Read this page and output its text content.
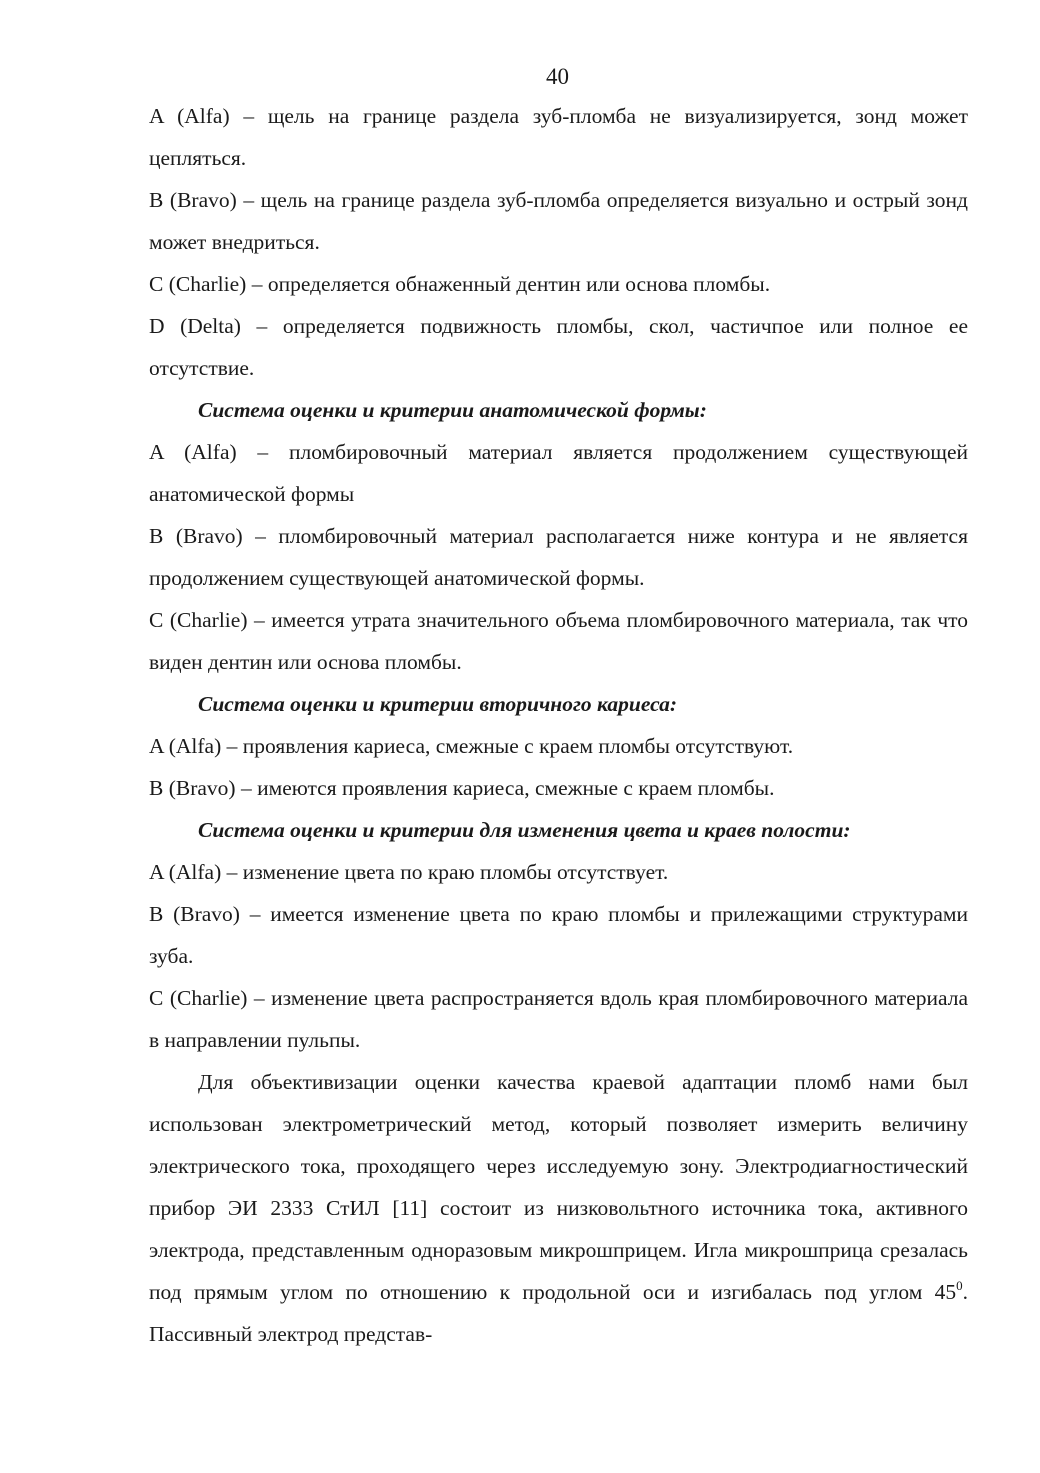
40

A (Alfa) – щель на границе раздела зуб-пломба не визуализируется, зонд может цепляться.

B (Bravo) – щель на границе раздела зуб-пломба определяется визуально и острый зонд может внедриться.

C (Charlie) – определяется обнаженный дентин или основа пломбы.

D (Delta) – определяется подвижность пломбы, скол, частичпое или полное ее отсутствие.

Система оценки и критерии анатомической формы:

A (Alfa) – пломбировочный материал является продолжением существующей анатомической формы

B (Bravo) – пломбировочный материал располагается ниже контура и не является продолжением существующей анатомической формы.

C (Charlie) – имеется утрата значительного объема пломбировочного материала, так что виден дентин или основа пломбы.

Система оценки и критерии вторичного кариеса:

A (Alfa) – проявления кариеса, смежные с краем пломбы отсутствуют.

B (Bravo) – имеются проявления кариеса, смежные с краем пломбы.

Система оценки и критерии для изменения цвета и краев полости:

A (Alfa) – изменение цвета по краю пломбы отсутствует.

B (Bravo) – имеется изменение цвета по краю пломбы и прилежащими структурами зуба.

C (Charlie) – изменение цвета распространяется вдоль края пломбировочного материала в направлении пульпы.

Для объективизации оценки качества краевой адаптации пломб нами был использован электрометрический метод, который позволяет измерить величину электрического тока, проходящего через исследуемую зону. Электродиагностический прибор ЭИ 2333 СтИЛ [11] состоит из низковольтного источника тока, активного электрода, представленным одноразовым микрошприцем. Игла микрошприца срезалась под прямым углом по отношению к продольной оси и изгибалась под углом $45^0$. Пассивный электрод представ-
